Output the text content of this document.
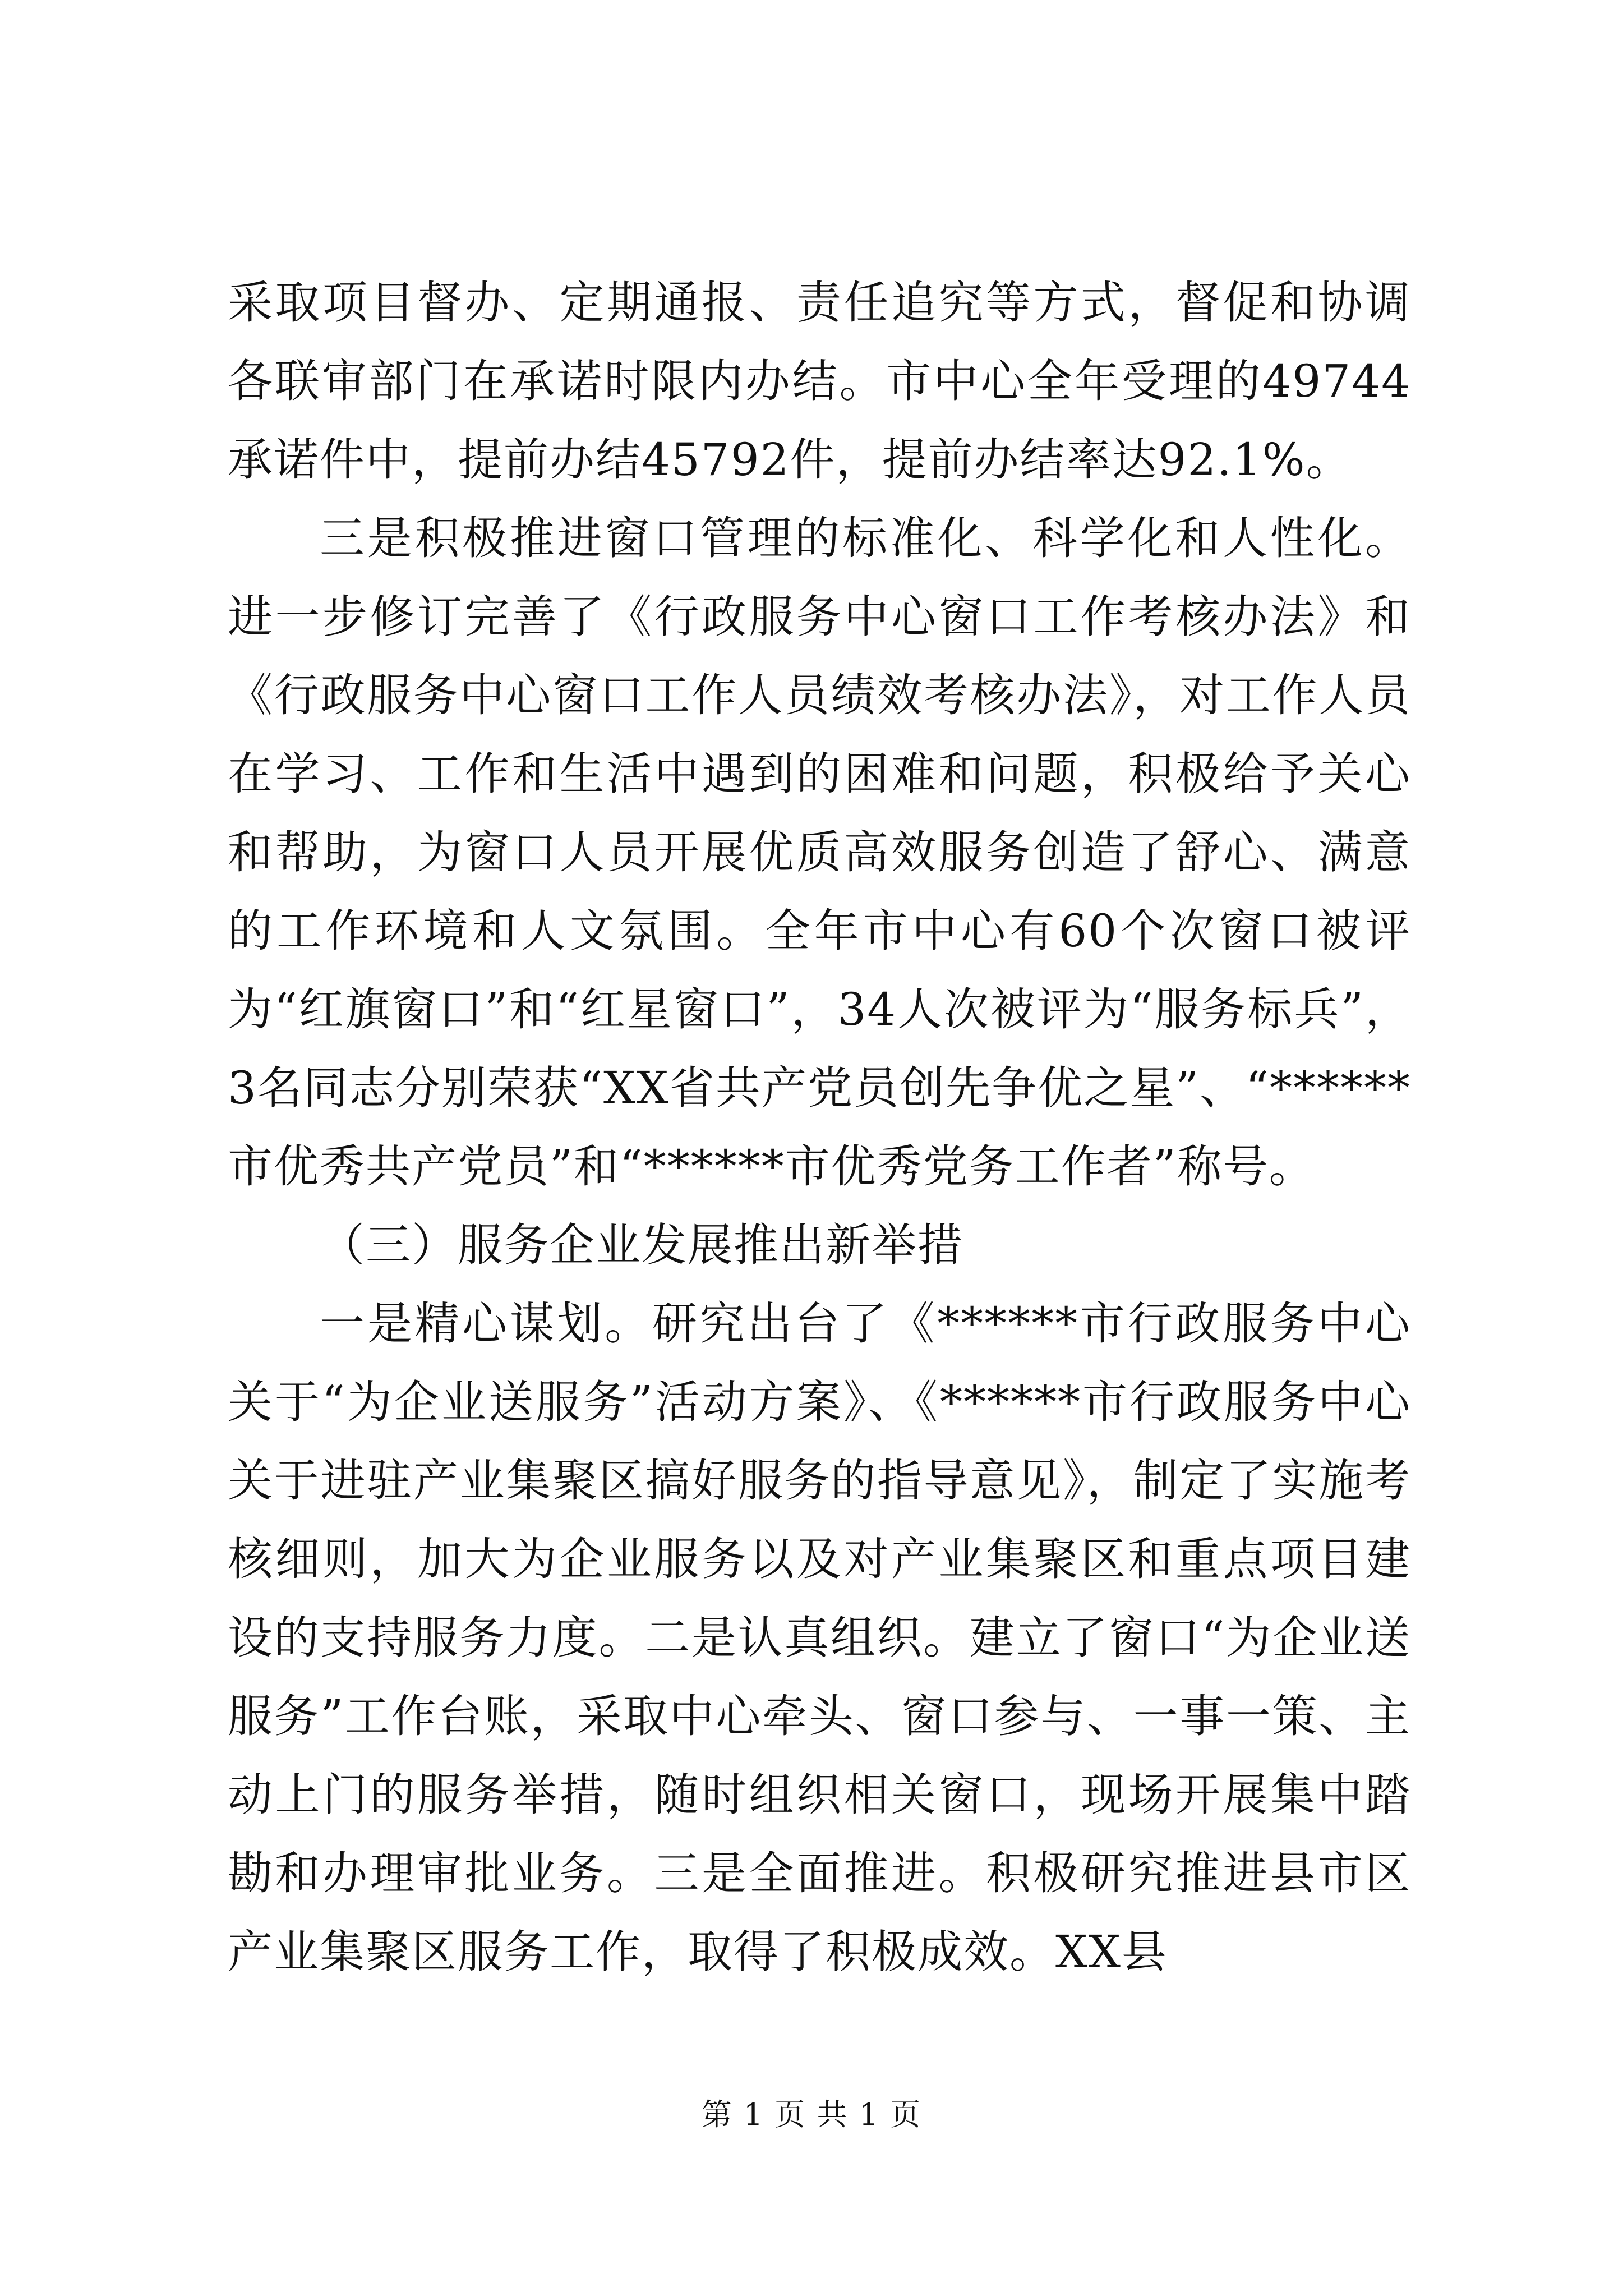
采取项目督办、定期通报、责任追究等方式，督促和协调各联审部门在承诺时限内办结。市中心全年受理的49744承诺件中，提前办结45792件，提前办结率达92.1%。

三是积极推进窗口管理的标准化、科学化和人性化。进一步修订完善了《行政服务中心窗口工作考核办法》和《行政服务中心窗口工作人员绩效考核办法》，对工作人员在学习、工作和生活中遇到的困难和问题，积极给予关心和帮助，为窗口人员开展优质高效服务创造了舒心、满意的工作环境和人文氛围。全年市中心有60个次窗口被评为“红旗窗口”和“红星窗口”，34人次被评为“服务标兵”，3名同志分别荣获“XX省共产党员创先争优之星”、“******市优秀共产党员”和“******市优秀党务工作者”称号。

（三）服务企业发展推出新举措

一是精心谋划。研究出台了《******市行政服务中心关于“为企业送服务”活动方案》、《******市行政服务中心关于进驻产业集聚区搞好服务的指导意见》，制定了实施考核细则，加大为企业服务以及对产业集聚区和重点项目建设的支持服务力度。二是认真组织。建立了窗口“为企业送服务”工作台账，采取中心牵头、窗口参与、一事一策、主动上门的服务举措，随时组织相关窗口，现场开展集中踏勘和办理审批业务。三是全面推进。积极研究推进县市区产业集聚区服务工作，取得了积极成效。XX县

第 1 页 共 1 页
